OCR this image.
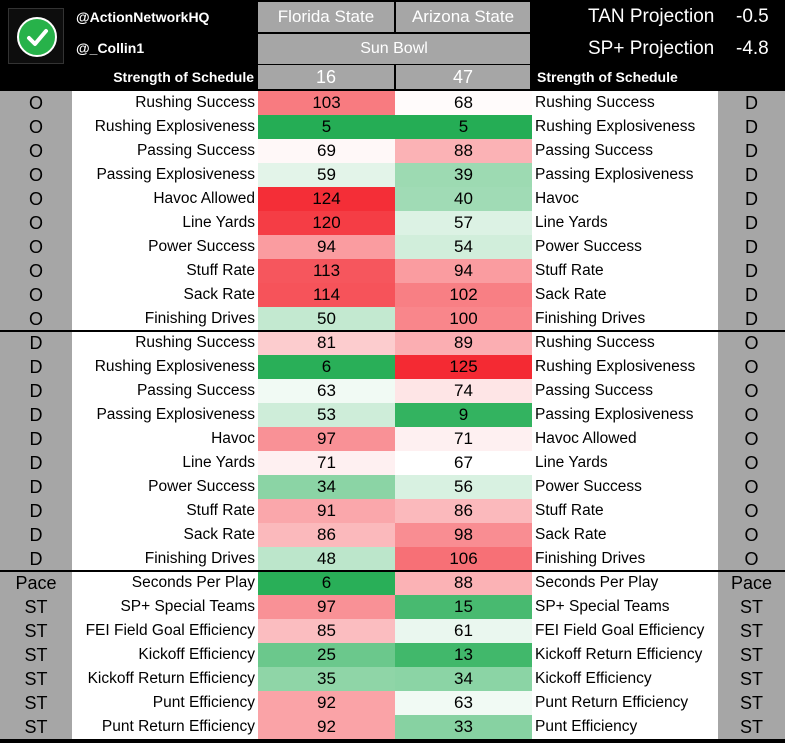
@ActionNetworkHQ
@_Collin1
Florida State	Arizona State
Sun Bowl
TAN Projection -0.5
SP+ Projection -4.8
Strength of Schedule	16	47	Strength of Schedule
O	Rushing Success	103	68	Rushing Success	D
O	Rushing Explosiveness	5	5	Rushing Explosiveness	D
O	Passing Success	69	88	Passing Success	D
O	Passing Explosiveness	59	39	Passing Explosiveness	D
O	Havoc Allowed	124	40	Havoc	D
O	Line Yards	120	57	Line Yards	D
O	Power Success	94	54	Power Success	D
O	Stuff Rate	113	94	Stuff Rate	D
O	Sack Rate	114	102	Sack Rate	D
O	Finishing Drives	50	100	Finishing Drives	D
D	Rushing Success	81	89	Rushing Success	O
D	Rushing Explosiveness	6	125	Rushing Explosiveness	O
D	Passing Success	63	74	Passing Success	O
D	Passing Explosiveness	53	9	Passing Explosiveness	O
D	Havoc	97	71	Havoc Allowed	O
D	Line Yards	71	67	Line Yards	O
D	Power Success	34	56	Power Success	O
D	Stuff Rate	91	86	Stuff Rate	O
D	Sack Rate	86	98	Sack Rate	O
D	Finishing Drives	48	106	Finishing Drives	O
Pace	Seconds Per Play	6	88	Seconds Per Play	Pace
ST	SP+ Special Teams	97	15	SP+ Special Teams	ST
ST	FEI Field Goal Efficiency	85	61	FEI Field Goal Efficiency	ST
ST	Kickoff Efficiency	25	13	Kickoff Return Efficiency	ST
ST	Kickoff Return Efficiency	35	34	Kickoff Efficiency	ST
ST	Punt Efficiency	92	63	Punt Return Efficiency	ST
ST	Punt Return Efficiency	92	33	Punt Efficiency	ST
